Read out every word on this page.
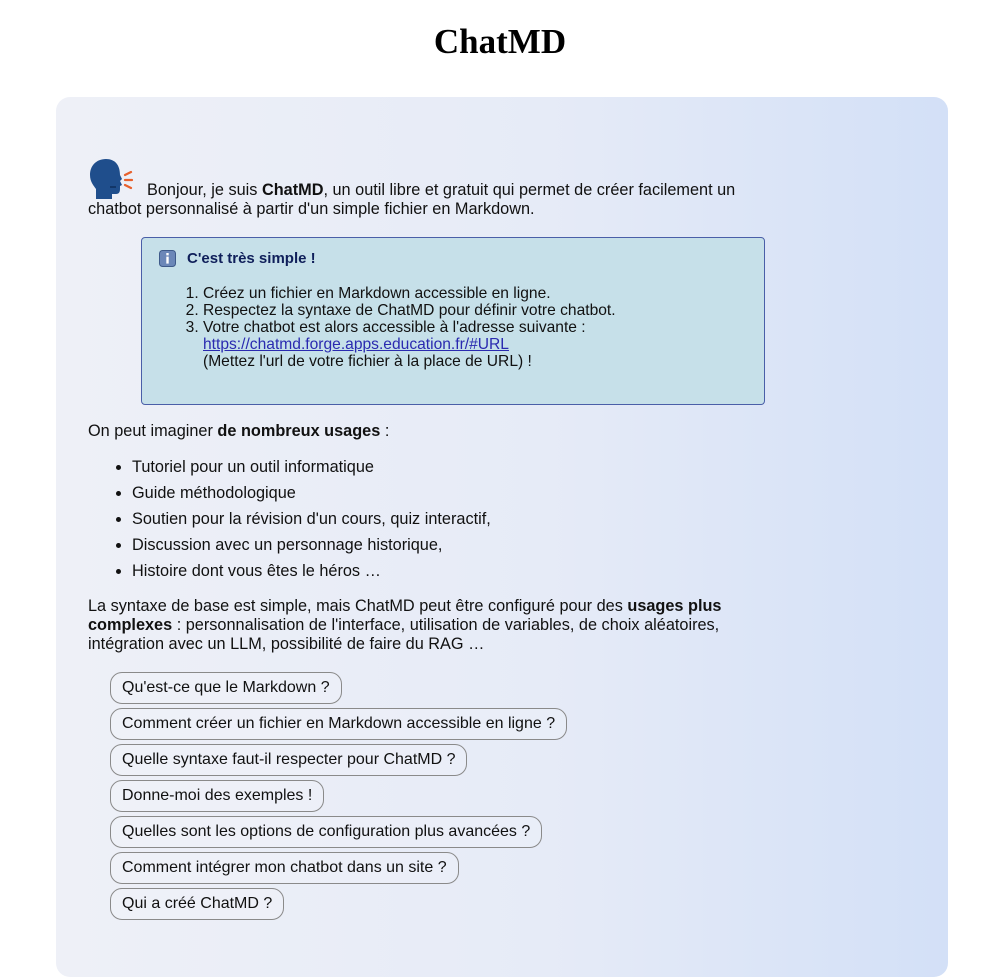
ChatMD

Bonjour, je suis ChatMD, un outil libre et gratuit qui permet de créer facilement un chatbot personnalisé à partir d'un simple fichier en Markdown.

C'est très simple !
1. Créez un fichier en Markdown accessible en ligne.
2. Respectez la syntaxe de ChatMD pour définir votre chatbot.
3. Votre chatbot est alors accessible à l'adresse suivante : https://chatmd.forge.apps.education.fr/#URL
(Mettez l'url de votre fichier à la place de URL) !

On peut imaginer de nombreux usages :

• Tutoriel pour un outil informatique
• Guide méthodologique
• Soutien pour la révision d'un cours, quiz interactif,
• Discussion avec un personnage historique,
• Histoire dont vous êtes le héros …

La syntaxe de base est simple, mais ChatMD peut être configuré pour des usages plus complexes : personnalisation de l'interface, utilisation de variables, de choix aléatoires, intégration avec un LLM, possibilité de faire du RAG …

Qu'est-ce que le Markdown ?
Comment créer un fichier en Markdown accessible en ligne ?
Quelle syntaxe faut-il respecter pour ChatMD ?
Donne-moi des exemples !
Quelles sont les options de configuration plus avancées ?
Comment intégrer mon chatbot dans un site ?
Qui a créé ChatMD ?
